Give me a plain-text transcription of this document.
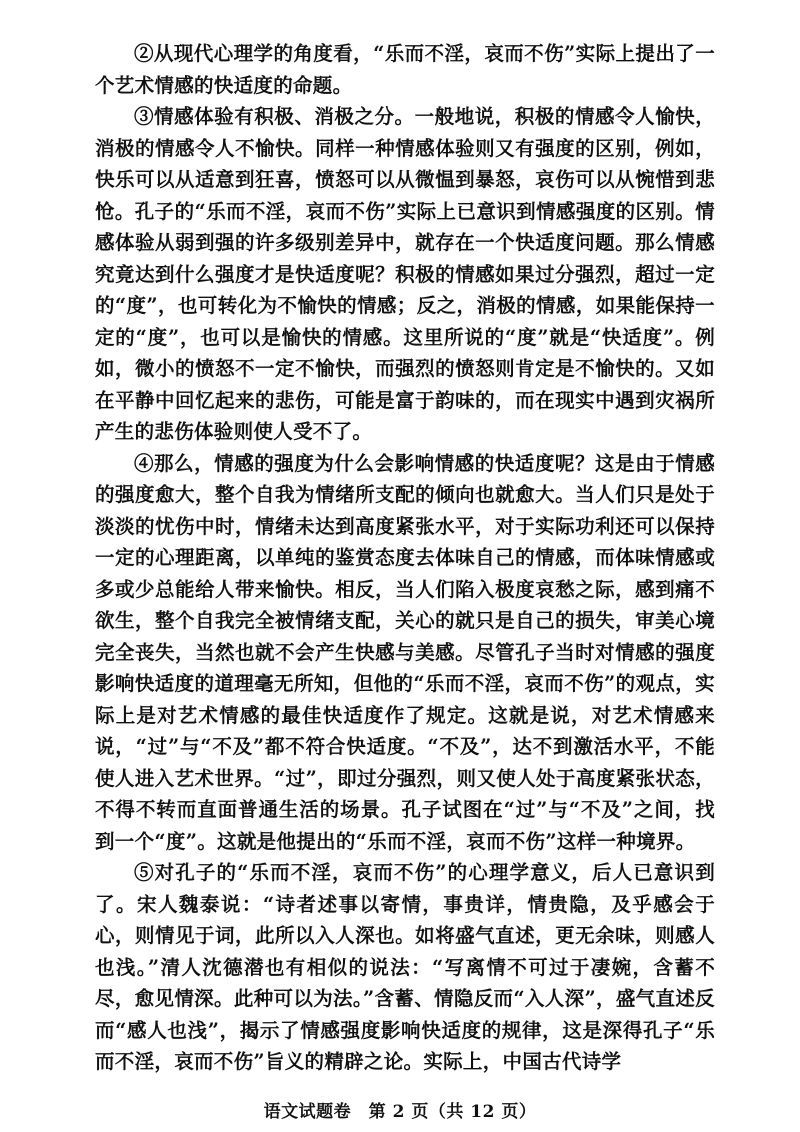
②从现代心理学的角度看，“乐而不淫，哀而不伤”实际上提出了一个艺术情感的快适度的命题。

③情感体验有积极、消极之分。一般地说，积极的情感令人愉快，消极的情感令人不愉快。同样一种情感体验则又有强度的区别，例如，快乐可以从适意到狂喜，愤怒可以从微愠到暴怒，哀伤可以从惋惜到悲怆。孔子的“乐而不淫，哀而不伤”实际上已意识到情感强度的区别。情感体验从弱到强的许多级别差异中，就存在一个快适度问题。那么情感究竟达到什么强度才是快适度呢？积极的情感如果过分强烈，超过一定的“度”，也可转化为不愉快的情感；反之，消极的情感，如果能保持一定的“度”，也可以是愉快的情感。这里所说的“度”就是“快适度”。例如，微小的愤怒不一定不愉快，而强烈的愤怒则肯定是不愉快的。又如在平静中回忆起来的悲伤，可能是富于韵味的，而在现实中遇到灾祸所产生的悲伤体验则使人受不了。

④那么，情感的强度为什么会影响情感的快适度呢？这是由于情感的强度愈大，整个自我为情绪所支配的倾向也就愈大。当人们只是处于淡淡的忧伤中时，情绪未达到高度紧张水平，对于实际功利还可以保持一定的心理距离，以单纯的鉴赏态度去体味自己的情感，而体味情感或多或少总能给人带来愉快。相反，当人们陷入极度哀愁之际，感到痛不欲生，整个自我完全被情绪支配，关心的就只是自己的损失，审美心境完全丧失，当然也就不会产生快感与美感。尽管孔子当时对情感的强度影响快适度的道理毫无所知，但他的“乐而不淫，哀而不伤”的观点，实际上是对艺术情感的最佳快适度作了规定。这就是说，对艺术情感来说，“过”与“不及”都不符合快适度。“不及”，达不到激活水平，不能使人进入艺术世界。“过”，即过分强烈，则又使人处于高度紧张状态，不得不转而直面普通生活的场景。孔子试图在“过”与“不及”之间，找到一个“度”。这就是他提出的“乐而不淫，哀而不伤”这样一种境界。

⑤对孔子的“乐而不淫，哀而不伤”的心理学意义，后人已意识到了。宋人魏泰说：“诗者述事以寄情，事贵详，情贵隐，及乎感会于心，则情见于词，此所以入人深也。如将盛气直述，更无余味，则感人也浅。”清人沈德潜也有相似的说法：“写离情不可过于凄婉，含蓄不尽，愈见情深。此种可以为法。”含蓄、情隐反而“入人深”，盛气直述反而“感人也浅”，揭示了情感强度影响快适度的规律，这是深得孔子“乐而不淫，哀而不伤”旨义的精辟之论。实际上，中国古代诗学

语文试题卷　第 2 页（共 12 页）
